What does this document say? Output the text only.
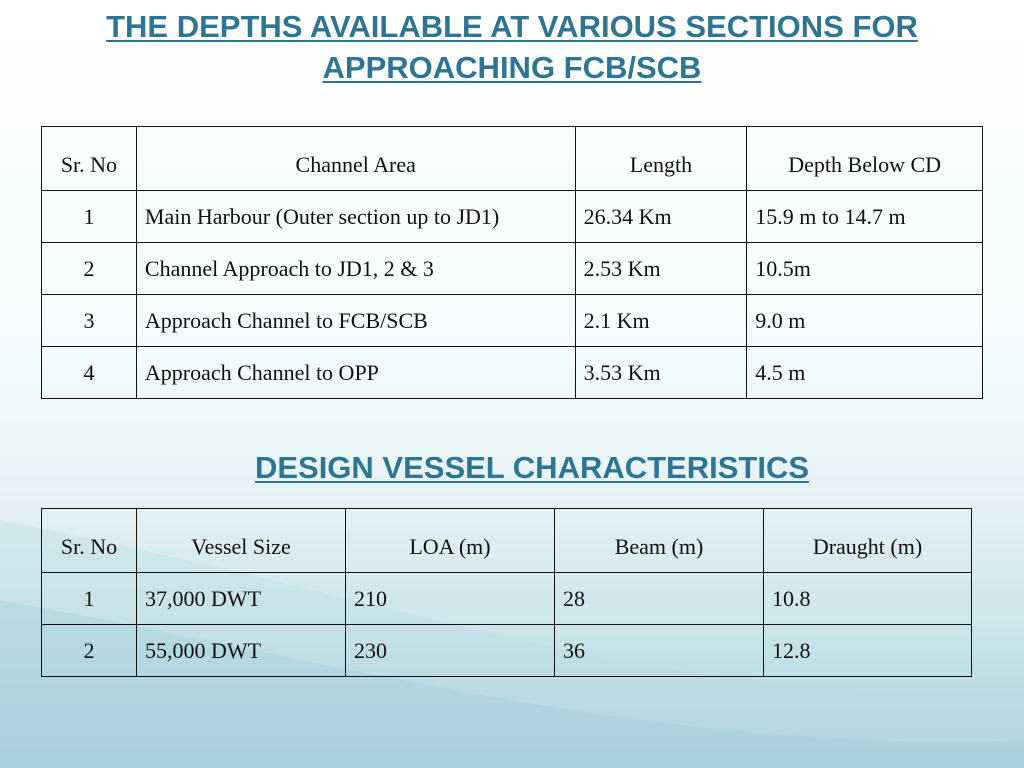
THE DEPTHS AVAILABLE AT VARIOUS SECTIONS FOR
APPROACHING FCB/SCB
Sr. No	Channel Area	Length	Depth Below CD
1	Main Harbour (Outer section up to JD1)	26.34 Km	15.9 m to 14.7 m
2	Channel Approach to JD1, 2 & 3	2.53 Km	10.5m
3	Approach Channel to FCB/SCB	2.1 Km	9.0 m
4	Approach Channel to OPP	3.53 Km	4.5 m
DESIGN VESSEL CHARACTERISTICS
Sr. No	Vessel Size	LOA (m)	Beam (m)	Draught (m)
1	37,000 DWT	210	28	10.8
2	55,000 DWT	230	36	12.8
